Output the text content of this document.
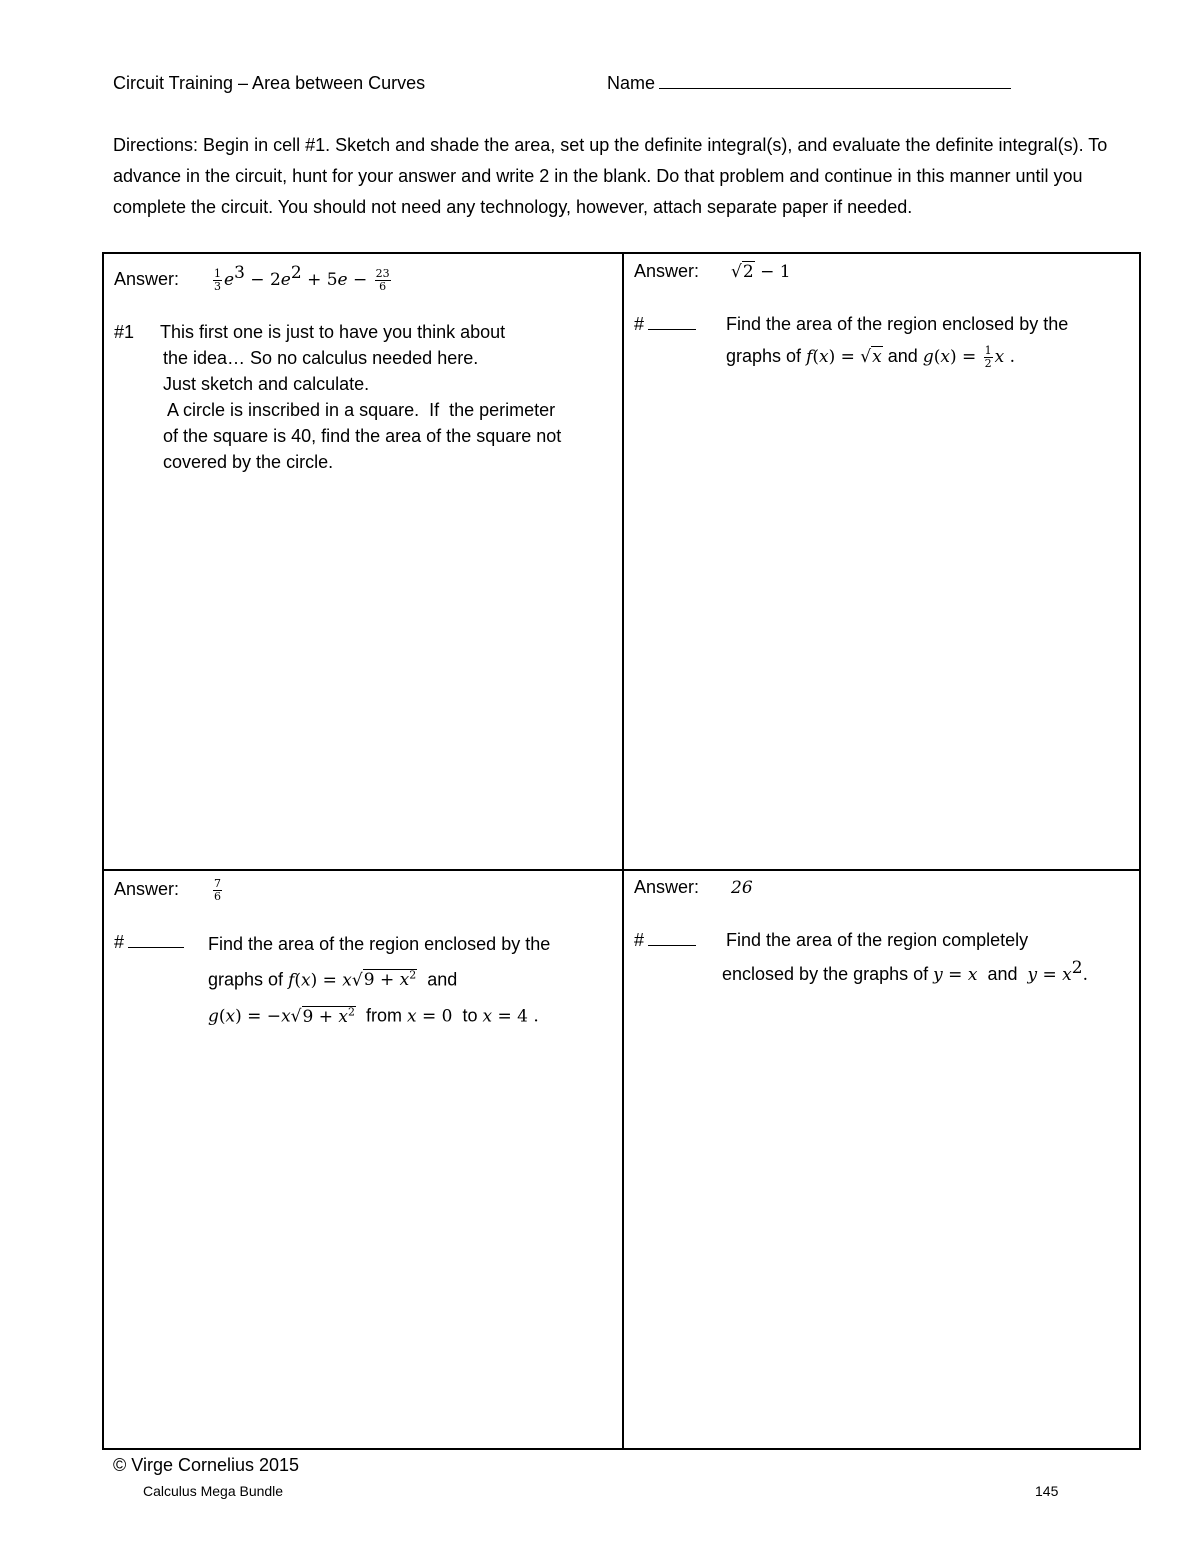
Circuit Training – Area between Curves	Name
Directions: Begin in cell #1. Sketch and shade the area, set up the definite integral(s), and evaluate the definite integral(s). To advance in the circuit, hunt for your answer and write 2 in the blank. Do that problem and continue in this manner until you complete the circuit. You should not need any technology, however, attach separate paper if needed.
Answer:	$\frac{1}{3} e^3 - 2e^2 + 5e - \frac{23}{6}$
#1 This first one is just to have you think about
the idea… So no calculus needed here.
Just sketch and calculate.
A circle is inscribed in a square.  If  the perimeter
of the square is 40, find the area of the square not
covered by the circle.
Answer: √2 − 1
#	Find the area of the region enclosed by the
graphs of f(x) = √x and $g(x) = \frac{1}{2}$ x .
Answer:	$\frac{7}{6}$
#	Find the area of the region enclosed by the
graphs of $f(x) = x√9 + x^2$ and
$g(x) = -x√9 + x^2$ from x = 0 to x = 4 .
Answer: 26
#	Find the area of the region completely
enclosed by the graphs of y = x and $y = x^2$.
© Virge Cornelius 2015
Calculus Mega Bundle	145
